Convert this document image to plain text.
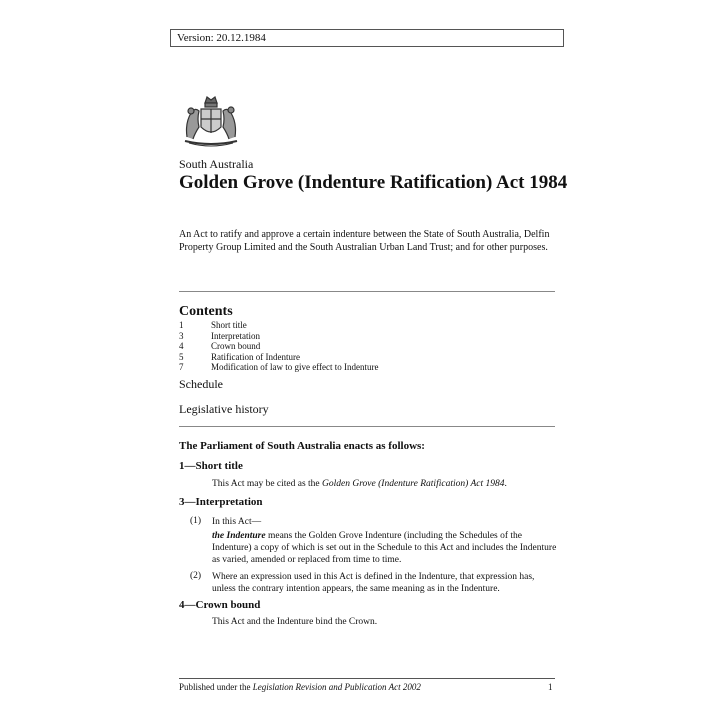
Version: 20.12.1984
South Australia
Golden Grove (Indenture Ratification) Act 1984

An Act to ratify and approve a certain indenture between the State of South Australia, Delfin Property Group Limited and the South Australian Urban Land Trust; and for other purposes.

Contents
1	Short title
3	Interpretation
4	Crown bound
5	Ratification of Indenture
7	Modification of law to give effect to Indenture
Schedule
Legislative history
The Parliament of South Australia enacts as follows:
1—Short title

This Act may be cited as the Golden Grove (Indenture Ratification) Act 1984.

3—Interpretation
(1) In this Act—

the Indenture means the Golden Grove Indenture (including the Schedules of the Indenture) a copy of which is set out in the Schedule to this Act and includes the Indenture as varied, amended or replaced from time to time.

(2) Where an expression used in this Act is defined in the Indenture, that expression has, unless the contrary intention appears, the same meaning as in the Indenture.

4—Crown bound

This Act and the Indenture bind the Crown.

Published under the Legislation Revision and Publication Act 2002	1
